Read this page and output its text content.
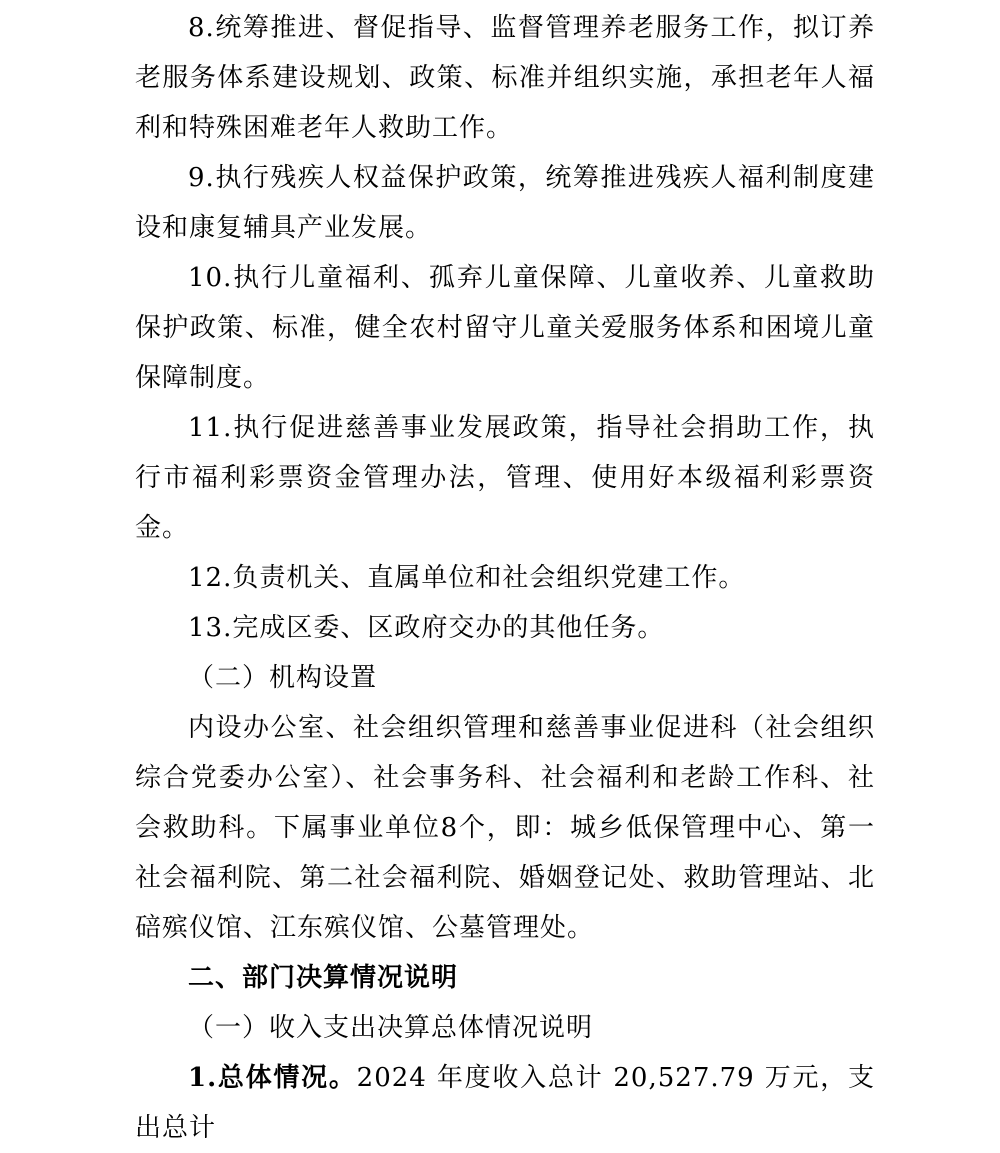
8.统筹推进、督促指导、监督管理养老服务工作，拟订养老服务体系建设规划、政策、标准并组织实施，承担老年人福利和特殊困难老年人救助工作。

9.执行残疾人权益保护政策，统筹推进残疾人福利制度建设和康复辅具产业发展。

10.执行儿童福利、孤弃儿童保障、儿童收养、儿童救助保护政策、标准，健全农村留守儿童关爱服务体系和困境儿童保障制度。

11.执行促进慈善事业发展政策，指导社会捐助工作，执行市福利彩票资金管理办法，管理、使用好本级福利彩票资金。

12.负责机关、直属单位和社会组织党建工作。

13.完成区委、区政府交办的其他任务。

（二）机构设置

内设办公室、社会组织管理和慈善事业促进科（社会组织综合党委办公室）、社会事务科、社会福利和老龄工作科、社会救助科。下属事业单位8个，即：城乡低保管理中心、第一社会福利院、第二社会福利院、婚姻登记处、救助管理站、北碚殡仪馆、江东殡仪馆、公墓管理处。

二、部门决算情况说明

（一）收入支出决算总体情况说明

1.总体情况。2024 年度收入总计 20,527.79 万元，支出总计
